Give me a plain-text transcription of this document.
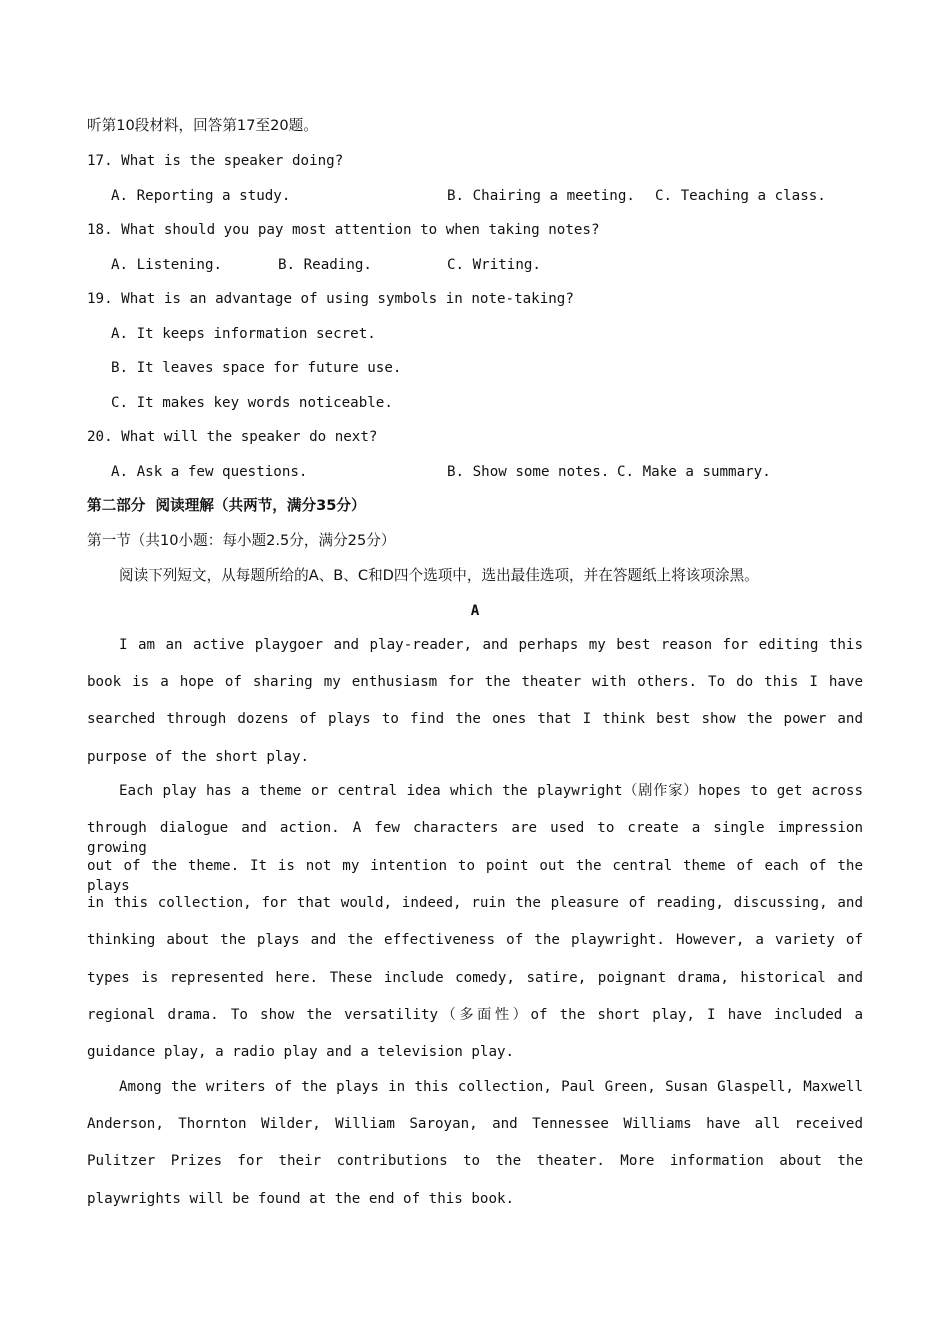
听第10段材料，回答第17至20题。
17. What is the speaker doing?
A. Reporting a study.	B. Chairing a meeting. C. Teaching a class.
18. What should you pay most attention to when taking notes?
A. Listening.	B. Reading.	C. Writing.
19. What is an advantage of using symbols in note-taking?
A. It keeps information secret.
B. It leaves space for future use.
C. It makes key words noticeable.
20. What will the speaker do next?
A. Ask a few questions.	B. Show some notes. C. Make a summary.
第二部分  阅读理解（共两节，满分35分）
第一节（共10小题：每小题2.5分，满分25分）
阅读下列短文，从每题所给的A、B、C和D四个选项中，选出最佳选项，并在答题纸上将该项涂黑。
A
I am an active playgoer and play-reader, and perhaps my best reason for editing this
book is a hope of sharing my enthusiasm for the theater with others. To do this I have
searched through dozens of plays to find the ones that I think best show the power and
purpose of the short play.
Each play has a theme or central idea which the playwright（剧作家）hopes to get across
through dialogue and action. A few characters are used to create a single impression growing
out of the theme. It is not my intention to point out the central theme of each of the plays
in this collection, for that would, indeed, ruin the pleasure of reading, discussing, and
thinking about the plays and the effectiveness of the playwright. However, a variety of
types is represented here. These include comedy, satire, poignant drama, historical and
regional drama. To show the versatility（多面性）of the short play, I have included a
guidance play, a radio play and a television play.
Among the writers of the plays in this collection, Paul Green, Susan Glaspell, Maxwell
Anderson, Thornton Wilder, William Saroyan, and Tennessee Williams have all received
Pulitzer Prizes for their contributions to the theater. More information about the
playwrights will be found at the end of this book.
